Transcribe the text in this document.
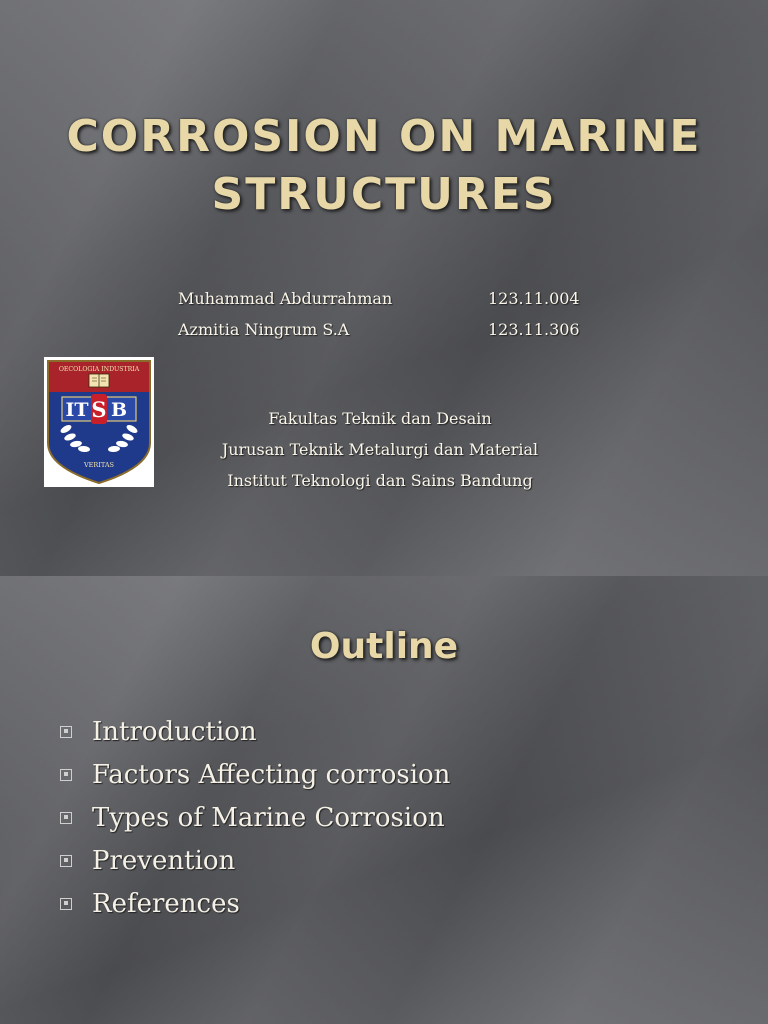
CORROSION ON MARINE
STRUCTURES
Muhammad Abdurrahman	123.11.004
Azmitia Ningrum S.A	123.11.306
OECOLOGIA INDUSTRIA
IT S B
VERITAS
Fakultas Teknik dan Desain
Jurusan Teknik Metalurgi dan Material
Institut Teknologi dan Sains Bandung
Outline
Introduction
Factors Affecting corrosion
Types of Marine Corrosion
Prevention
References
